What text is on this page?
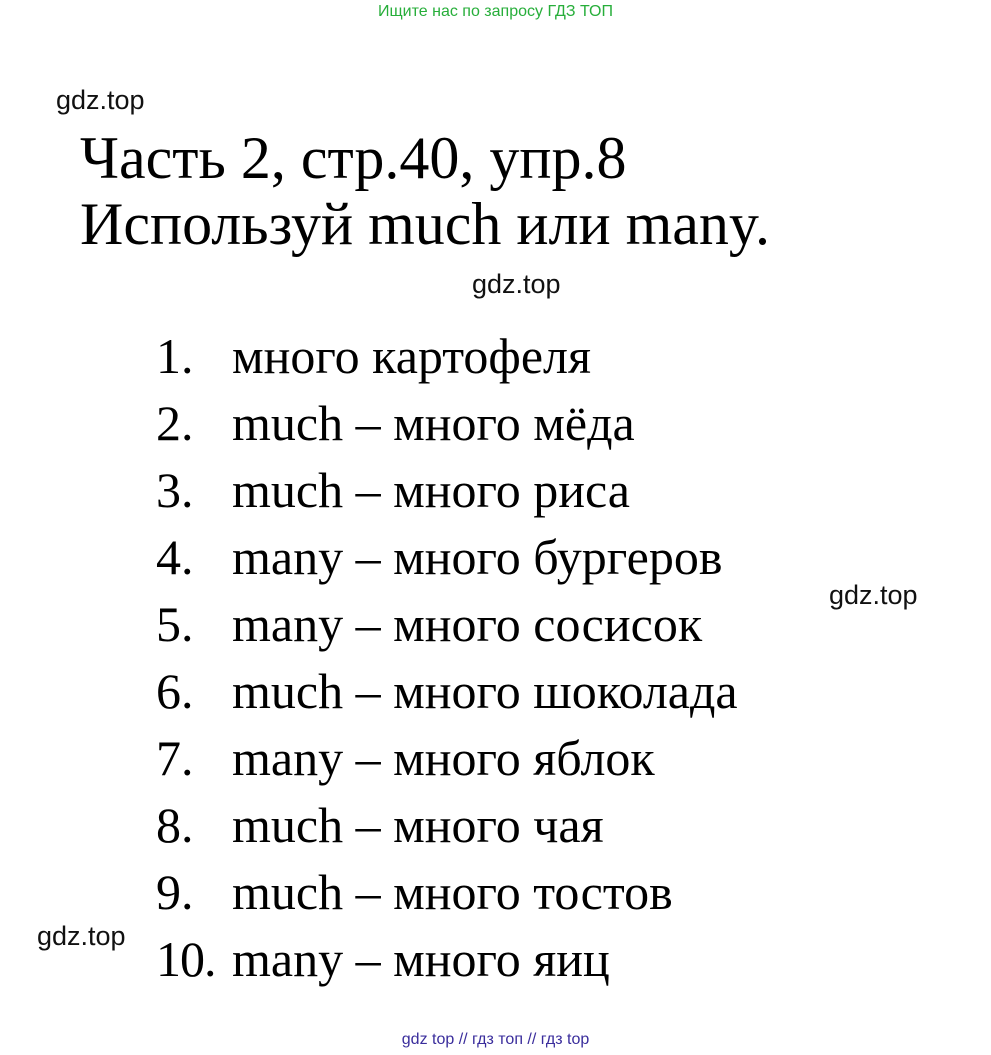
Ищите нас по запросу ГДЗ ТОП
gdz.top
gdz.top
gdz.top
gdz.top
Часть 2, стр.40, упр.8
Используй much или many.
1. много картофеля
2. much – много мёда
3. much – много риса
4. many – много бургеров
5. many – много сосисок
6. much – много шоколада
7. many – много яблок
8. much – много чая
9. much – много тостов
10. many – много яиц
gdz top // гдз топ // гдз top
